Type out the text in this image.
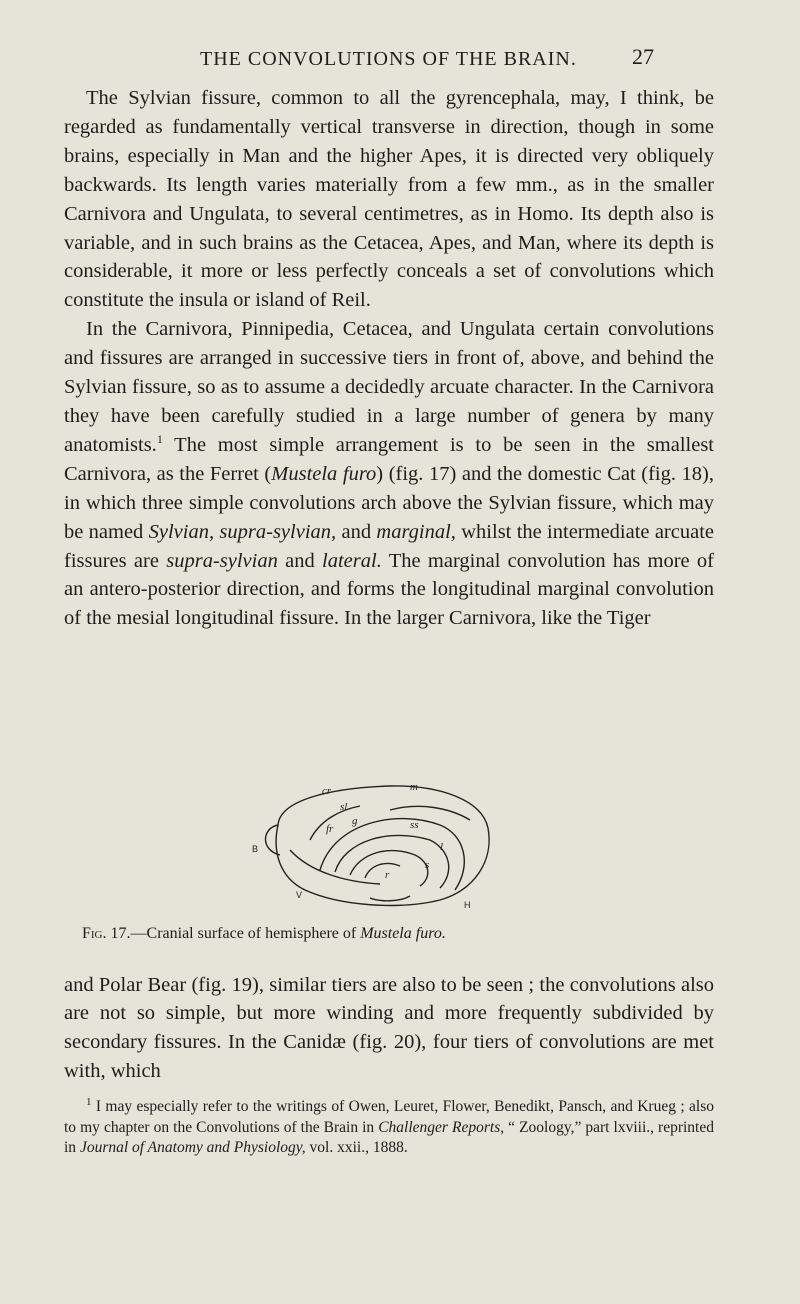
THE CONVOLUTIONS OF THE BRAIN.	27

The Sylvian fissure, common to all the gyrencephala, may, I think, be regarded as fundamentally vertical transverse in direction, though in some brains, especially in Man and the higher Apes, it is directed very obliquely backwards. Its length varies materially from a few mm., as in the smaller Carnivora and Ungulata, to several centimetres, as in Homo. Its depth also is variable, and in such brains as the Cetacea, Apes, and Man, where its depth is considerable, it more or less perfectly conceals a set of convolutions which constitute the insula or island of Reil.

In the Carnivora, Pinnipedia, Cetacea, and Ungulata certain convolutions and fissures are arranged in successive tiers in front of, above, and behind the Sylvian fissure, so as to assume a decidedly arcuate character. In the Carnivora they have been carefully studied in a large number of genera by many anatomists.$^1$ The most simple arrangement is to be seen in the smallest Carnivora, as the Ferret (Mustela furo) (fig. 17) and the domestic Cat (fig. 18), in which three simple convolutions arch above the Sylvian fissure, which may be named Sylvian, supra-sylvian, and marginal, whilst the intermediate arcuate fissures are supra-sylvian and lateral. The marginal convolution has more of an antero-posterior direction, and forms the longitudinal marginal convolution of the mesial longitudinal fissure. In the larger Carnivora, like the Tiger

cr	m
sl
g
fr	ss
s
r
l
B
V
H
Fig. 17.—Cranial surface of hemisphere of Mustela furo.

and Polar Bear (fig. 19), similar tiers are also to be seen ; the convolutions also are not so simple, but more winding and more frequently subdivided by secondary fissures. In the Canidæ (fig. 20), four tiers of convolutions are met with, which

$^1$ I may especially refer to the writings of Owen, Leuret, Flower, Benedikt, Pansch, and Krueg ; also to my chapter on the Convolutions of the Brain in Challenger Reports, “ Zoology,” part lxviii., reprinted in Journal of Anatomy and Physiology, vol. xxii., 1888.
